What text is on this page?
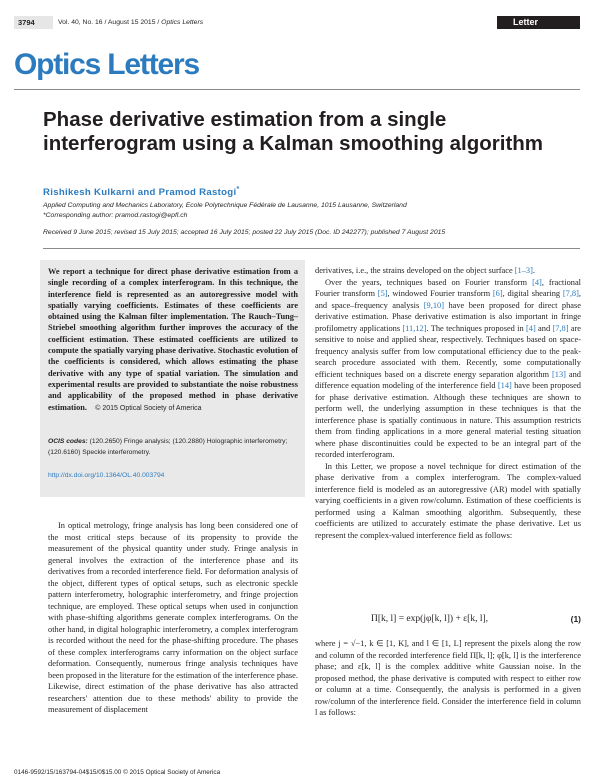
3794	Vol. 40, No. 16 / August 15 2015 / Optics Letters	Letter
Optics Letters
Phase derivative estimation from a single interferogram using a Kalman smoothing algorithm
Rishikesh Kulkarni and Pramod Rastogi*
Applied Computing and Mechanics Laboratory, Ecole Polytechnique Fédérale de Lausanne, 1015 Lausanne, Switzerland
*Corresponding author: pramod.rastogi@epfl.ch
Received 9 June 2015; revised 15 July 2015; accepted 16 July 2015; posted 22 July 2015 (Doc. ID 242277); published 7 August 2015

We report a technique for direct phase derivative estimation from a single recording of a complex interferogram. In this technique, the interference field is represented as an autoregressive model with spatially varying coefficients. Estimates of these coefficients are obtained using the Kalman filter implementation. The Rauch–Tung–Striebel smoothing algorithm further improves the accuracy of the coefficient estimation. These estimated coefficients are utilized to compute the spatially varying phase derivative. Stochastic evolution of the coefficients is considered, which allows estimating the phase derivative with any type of spatial variation. The simulation and experimental results are provided to substantiate the noise robustness and applicability of the proposed method in phase derivative estimation. © 2015 Optical Society of America

OCIS codes: (120.2650) Fringe analysis; (120.2880) Holographic interferometry; (120.6160) Speckle interferometry.

http://dx.doi.org/10.1364/OL.40.003794

In optical metrology, fringe analysis has long been considered one of the most critical steps because of its propensity to provide the measurement of the physical quantity under study. Fringe analysis in general involves the extraction of the interference phase and its derivatives from a recorded interference field. For deformation analysis of the object, different types of optical setups, such as electronic speckle pattern interferometry, holographic interferometry, and fringe projection technique, are employed. These optical setups when used in conjunction with phase-shifting algorithms generate complex interferograms. On the other hand, in digital holographic interferometry, a complex interferogram is recorded without the need for the phase-shifting procedure. The phases of these complex interferograms carry information on the object surface deformation. Consequently, numerous fringe analysis techniques have been proposed in the literature for the estimation of the interference phase. Likewise, direct estimation of the phase derivative has also attracted researchers' attention due to these methods' ability to provide the measurement of displacement

derivatives, i.e., the strains developed on the object surface [1–3].

Over the years, techniques based on Fourier transform [4], fractional Fourier transform [5], windowed Fourier transform [6], digital shearing [7,8], and space–frequency analysis [9,10] have been proposed for direct phase derivative estimation. Phase derivative estimation is also important in fringe profilometry applications [11,12]. The techniques proposed in [4] and [7,8] are sensitive to noise and applied shear, respectively. Techniques based on space-frequency analysis suffer from low computational efficiency due to the peak-search procedure associated with them. Recently, some computationally efficient techniques based on a discrete energy separation algorithm [13] and difference equation modeling of the interference field [14] have been proposed for phase derivative estimation. Although these techniques are shown to perform well, the underlying assumption in these techniques is that the interference phase is spatially continuous in nature. This assumption restricts them from finding applications in a more general material testing situation where phase discontinuities could be expected to be an integral part of the recorded interferogram.

In this Letter, we propose a novel technique for direct estimation of the phase derivative from a complex interferogram. The complex-valued interference field is modeled as an autoregressive (AR) model with spatially varying coefficients in a given row/column. Estimation of these coefficients is performed using a Kalman smoothing algorithm. Subsequently, these coefficients are utilized to accurately estimate the phase derivative. Let us represent the complex-valued interference field as follows:

Π[k, l] = exp(jφ[k, l]) + ε[k, l],	(1)

where j = √−1, k ∈ [1, K], and l ∈ [1, L] represent the pixels along the row and column of the recorded interference field Π[k, l]; φ[k, l] is the interference phase; and ε[k, l] is the complex additive white Gaussian noise. In the proposed method, the phase derivative is computed with respect to either row or column at a time. Consequently, the analysis is performed in a given row/column of the interference field. Consider the interference field in column l as follows:

0146-9592/15/163794-04$15/0$15.00 © 2015 Optical Society of America
